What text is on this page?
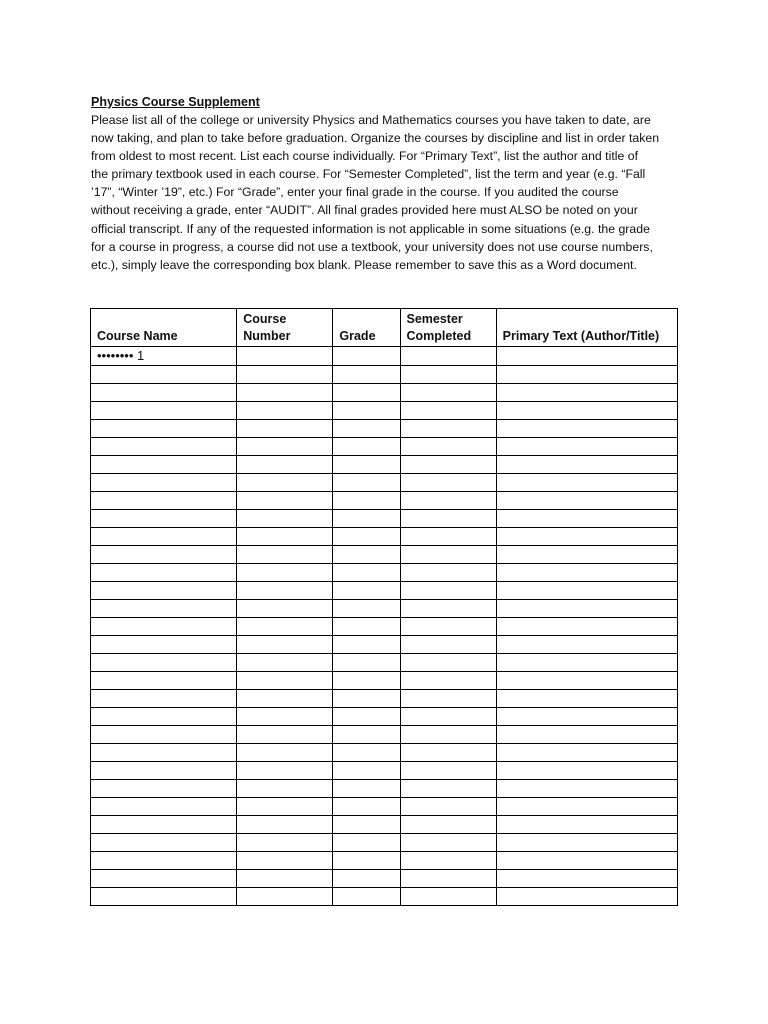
Physics Course Supplement
Please list all of the college or university Physics and Mathematics courses you have taken to date, are
now taking, and plan to take before graduation. Organize the courses by discipline and list in order taken
from oldest to most recent. List each course individually. For “Primary Text”, list the author and title of
the primary textbook used in each course. For “Semester Completed”, list the term and year (e.g. “Fall
’17”, “Winter ’19”, etc.) For “Grade”, enter your final grade in the course. If you audited the course
without receiving a grade, enter “AUDIT”. All final grades provided here must ALSO be noted on your
official transcript. If any of the requested information is not applicable in some situations (e.g. the grade
for a course in progress, a course did not use a textbook, your university does not use course numbers,
etc.), simply leave the corresponding box blank. Please remember to save this as a Word document.
Course Name	Course Number	Grade	Semester Completed	Primary Text (Author/Title)
•••••••• 1				
